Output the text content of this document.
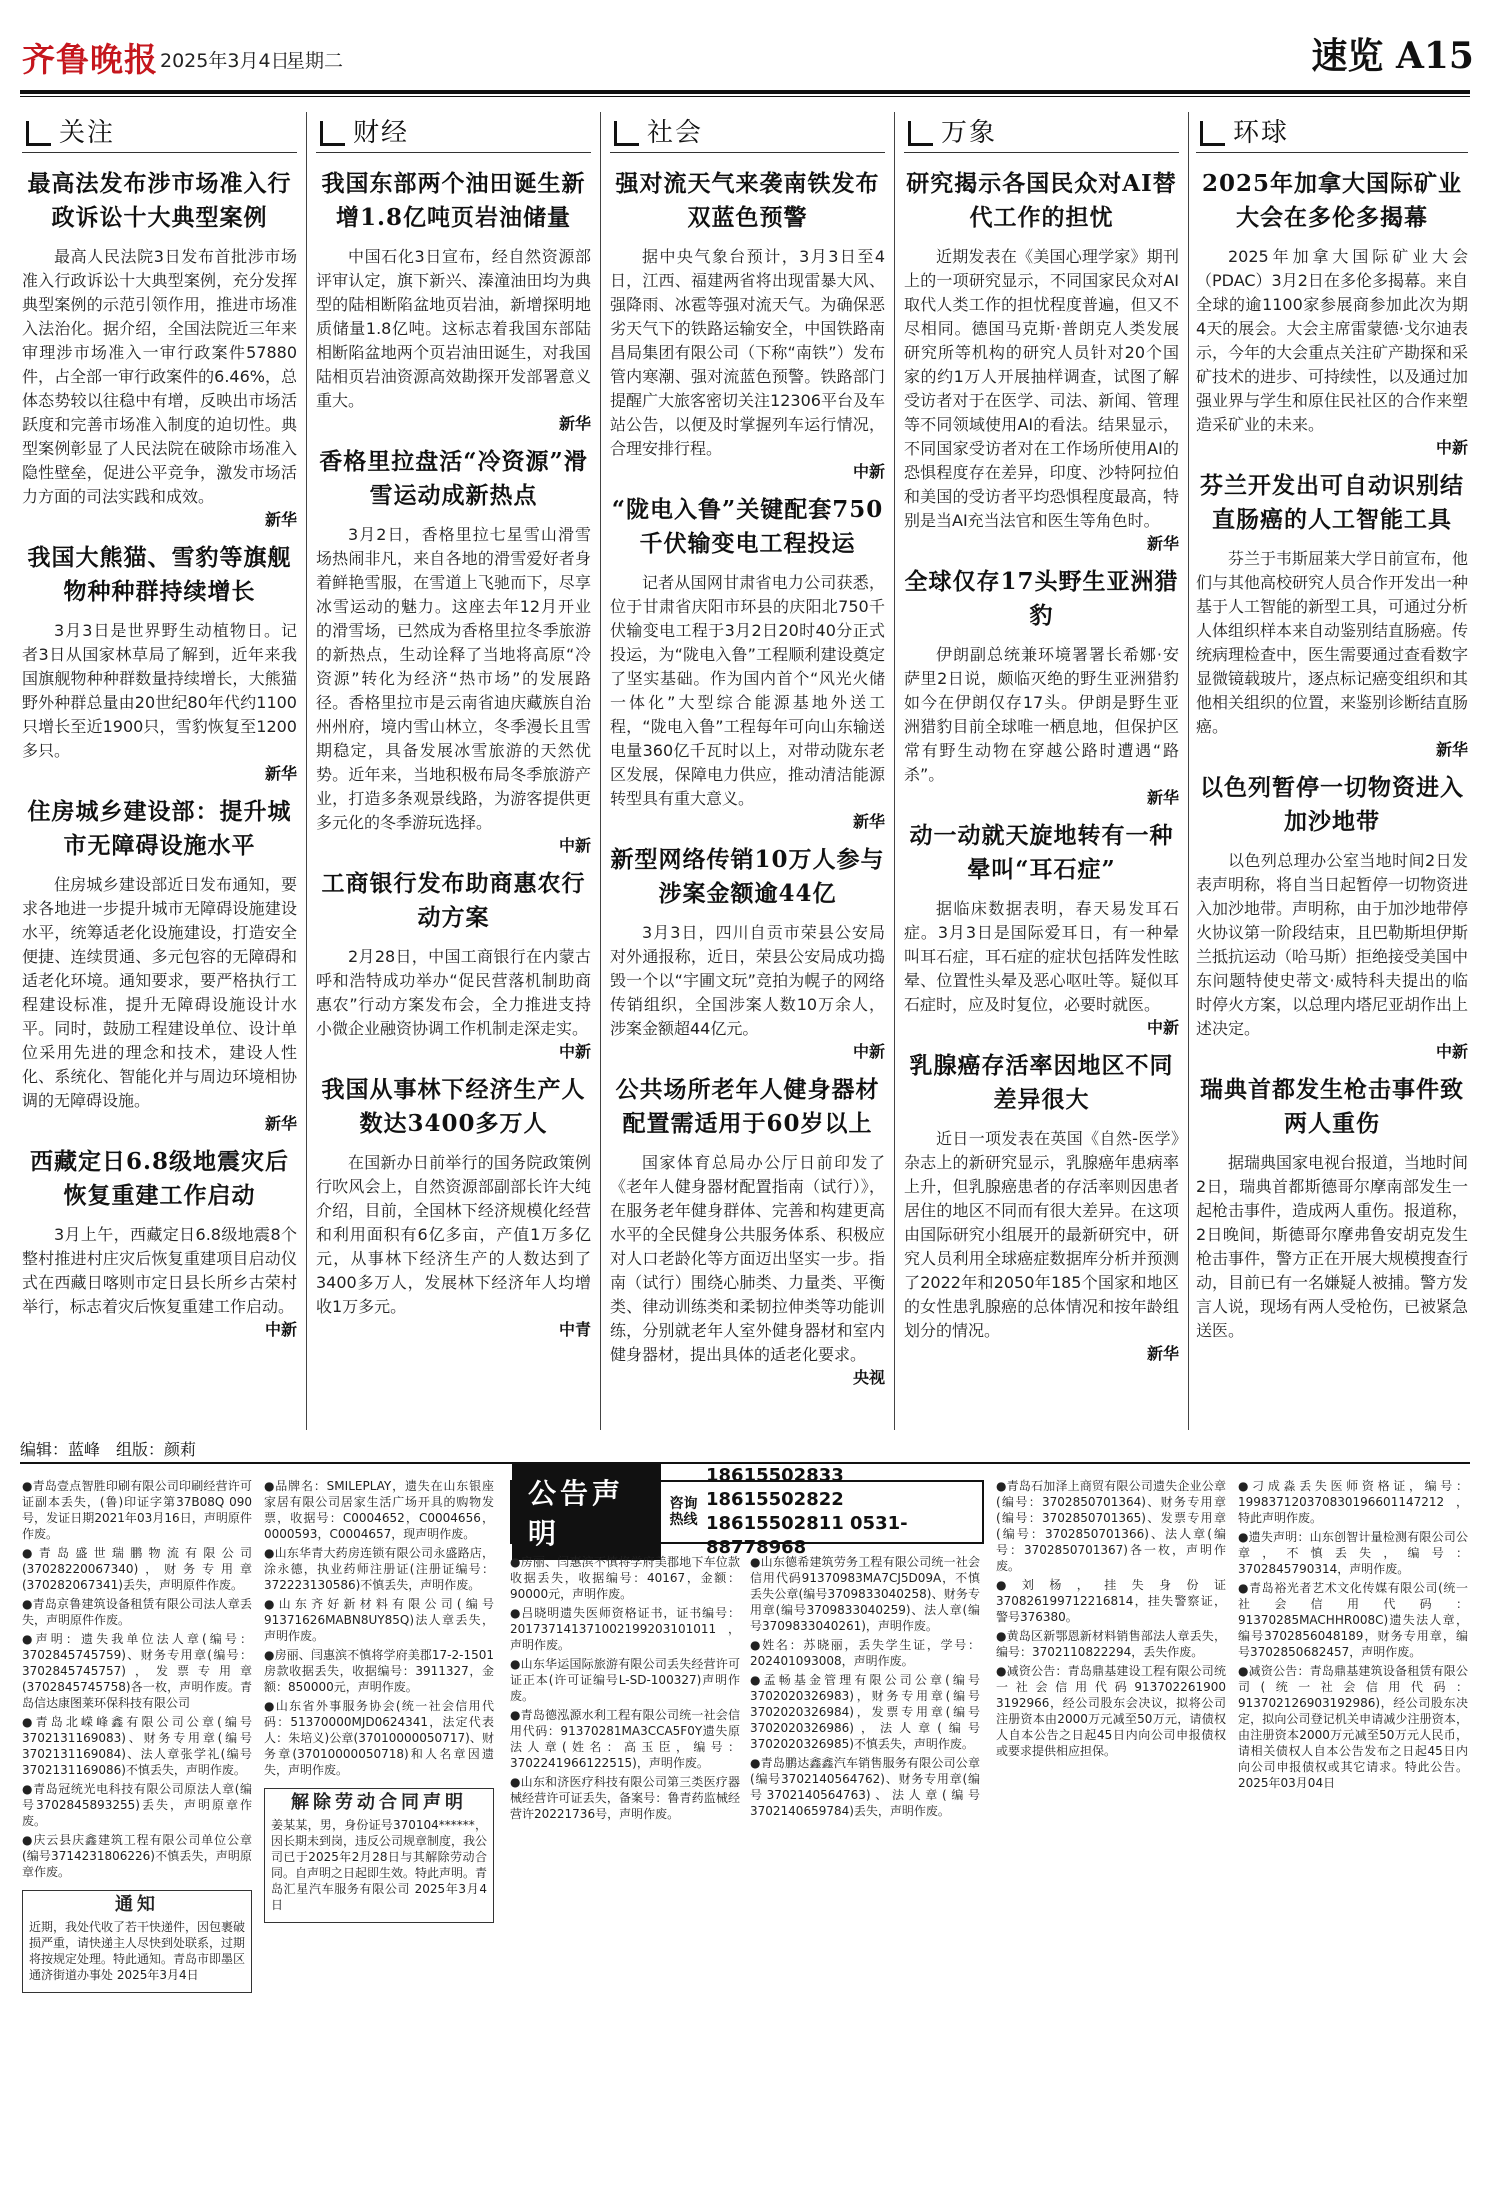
齐鲁晚报 2025年3月4日
星期二	速览 A15
关注
最高法发布涉市场准入行政诉讼十大典型案例

最高人民法院3日发布首批涉市场准入行政诉讼十大典型案例，充分发挥典型案例的示范引领作用，推进市场准入法治化。据介绍，全国法院近三年来审理涉市场准入一审行政案件57880件，占全部一审行政案件的6.46%，总体态势较以往稳中有增，反映出市场活跃度和完善市场准入制度的迫切性。典型案例彰显了人民法院在破除市场准入隐性壁垒，促进公平竞争，激发市场活力方面的司法实践和成效。

新华
我国大熊猫、雪豹等旗舰物种种群持续增长

3月3日是世界野生动植物日。记者3日从国家林草局了解到，近年来我国旗舰物种种群数量持续增长，大熊猫野外种群总量由20世纪80年代约1100只增长至近1900只，雪豹恢复至1200多只。

新华
住房城乡建设部：提升城市无障碍设施水平

住房城乡建设部近日发布通知，要求各地进一步提升城市无障碍设施建设水平，统筹适老化设施建设，打造安全便捷、连续贯通、多元包容的无障碍和适老化环境。通知要求，要严格执行工程建设标准，提升无障碍设施设计水平。同时，鼓励工程建设单位、设计单位采用先进的理念和技术，建设人性化、系统化、智能化并与周边环境相协调的无障碍设施。

新华
西藏定日6.8级地震灾后恢复重建工作启动

3月上午，西藏定日6.8级地震8个整村推进村庄灾后恢复重建项目启动仪式在西藏日喀则市定日县长所乡古荣村举行，标志着灾后恢复重建工作启动。

中新
财经
我国东部两个油田诞生新增1.8亿吨页岩油储量

中国石化3日宣布，经自然资源部评审认定，旗下新兴、溱潼油田均为典型的陆相断陷盆地页岩油，新增探明地质储量1.8亿吨。这标志着我国东部陆相断陷盆地两个页岩油田诞生，对我国陆相页岩油资源高效勘探开发部署意义重大。

新华
香格里拉盘活“冷资源”滑雪运动成新热点

3月2日，香格里拉七星雪山滑雪场热闹非凡，来自各地的滑雪爱好者身着鲜艳雪服，在雪道上飞驰而下，尽享冰雪运动的魅力。这座去年12月开业的滑雪场，已然成为香格里拉冬季旅游的新热点，生动诠释了当地将高原“冷资源”转化为经济“热市场”的发展路径。香格里拉市是云南省迪庆藏族自治州州府，境内雪山林立，冬季漫长且雪期稳定，具备发展冰雪旅游的天然优势。近年来，当地积极布局冬季旅游产业，打造多条观景线路，为游客提供更多元化的冬季游玩选择。

中新
工商银行发布助商惠农行动方案

2月28日，中国工商银行在内蒙古呼和浩特成功举办“促民营落机制助商惠农”行动方案发布会，全力推进支持小微企业融资协调工作机制走深走实。

中新
我国从事林下经济生产人数达3400多万人

在国新办日前举行的国务院政策例行吹风会上，自然资源部副部长许大纯介绍，目前，全国林下经济规模化经营和利用面积有6亿多亩，产值1万多亿元，从事林下经济生产的人数达到了3400多万人，发展林下经济年人均增收1万多元。

中青
社会
强对流天气来袭南铁发布双蓝色预警

据中央气象台预计，3月3日至4日，江西、福建两省将出现雷暴大风、强降雨、冰雹等强对流天气。为确保恶劣天气下的铁路运输安全，中国铁路南昌局集团有限公司（下称“南铁”）发布管内寒潮、强对流蓝色预警。铁路部门提醒广大旅客密切关注12306平台及车站公告，以便及时掌握列车运行情况，合理安排行程。

中新
“陇电入鲁”关键配套750千伏输变电工程投运

记者从国网甘肃省电力公司获悉，位于甘肃省庆阳市环县的庆阳北750千伏输变电工程于3月2日20时40分正式投运，为“陇电入鲁”工程顺利建设奠定了坚实基础。作为国内首个“风光火储一体化”大型综合能源基地外送工程，“陇电入鲁”工程每年可向山东输送电量360亿千瓦时以上，对带动陇东老区发展，保障电力供应，推动清洁能源转型具有重大意义。

新华
新型网络传销10万人参与涉案金额逾44亿

3月3日，四川自贡市荣县公安局对外通报称，近日，荣县公安局成功捣毁一个以“宇圃文玩”竞拍为幌子的网络传销组织，全国涉案人数10万余人，涉案金额超44亿元。

中新
公共场所老年人健身器材配置需适用于60岁以上

国家体育总局办公厅日前印发了《老年人健身器材配置指南（试行）》，在服务老年健身群体、完善和构建更高水平的全民健身公共服务体系、积极应对人口老龄化等方面迈出坚实一步。指南（试行）围绕心肺类、力量类、平衡类、律动训练类和柔韧拉伸类等功能训练，分别就老年人室外健身器材和室内健身器材，提出具体的适老化要求。

央视
万象
研究揭示各国民众对AI替代工作的担忧

近期发表在《美国心理学家》期刊上的一项研究显示，不同国家民众对AI取代人类工作的担忧程度普遍，但又不尽相同。德国马克斯·普朗克人类发展研究所等机构的研究人员针对20个国家的约1万人开展抽样调查，试图了解受访者对于在医学、司法、新闻、管理等不同领域使用AI的看法。结果显示，不同国家受访者对在工作场所使用AI的恐惧程度存在差异，印度、沙特阿拉伯和美国的受访者平均恐惧程度最高，特别是当AI充当法官和医生等角色时。

新华
全球仅存17头野生亚洲猎豹

伊朗副总统兼环境署署长希娜·安萨里2日说，颇临灭绝的野生亚洲猎豹如今在伊朗仅存17头。伊朗是野生亚洲猎豹目前全球唯一栖息地，但保护区常有野生动物在穿越公路时遭遇“路杀”。

新华
动一动就天旋地转有一种晕叫“耳石症”

据临床数据表明，春天易发耳石症。3月3日是国际爱耳日，有一种晕叫耳石症，耳石症的症状包括阵发性眩晕、位置性头晕及恶心呕吐等。疑似耳石症时，应及时复位，必要时就医。

中新
乳腺癌存活率因地区不同差异很大

近日一项发表在英国《自然-医学》杂志上的新研究显示，乳腺癌年患病率上升，但乳腺癌患者的存活率则因患者居住的地区不同而有很大差异。在这项由国际研究小组展开的最新研究中，研究人员利用全球癌症数据库分析并预测了2022年和2050年185个国家和地区的女性患乳腺癌的总体情况和按年龄组划分的情况。

新华
环球
2025年加拿大国际矿业大会在多伦多揭幕

2025年加拿大国际矿业大会（PDAC）3月2日在多伦多揭幕。来自全球的逾1100家参展商参加此次为期4天的展会。大会主席雷蒙德·戈尔迪表示，今年的大会重点关注矿产勘探和采矿技术的进步、可持续性，以及通过加强业界与学生和原住民社区的合作来塑造采矿业的未来。

中新
芬兰开发出可自动识别结直肠癌的人工智能工具

芬兰于韦斯屈莱大学日前宣布，他们与其他高校研究人员合作开发出一种基于人工智能的新型工具，可通过分析人体组织样本来自动鉴别结直肠癌。传统病理检查中，医生需要通过查看数字显微镜载玻片，逐点标记癌变组织和其他相关组织的位置，来鉴别诊断结直肠癌。

新华
以色列暂停一切物资进入加沙地带

以色列总理办公室当地时间2日发表声明称，将自当日起暂停一切物资进入加沙地带。声明称，由于加沙地带停火协议第一阶段结束，且巴勒斯坦伊斯兰抵抗运动（哈马斯）拒绝接受美国中东问题特使史蒂文·威特科夫提出的临时停火方案，以总理内塔尼亚胡作出上述决定。

中新
瑞典首都发生枪击事件致两人重伤

据瑞典国家电视台报道，当地时间2日，瑞典首都斯德哥尔摩南部发生一起枪击事件，造成两人重伤。报道称，2日晚间，斯德哥尔摩弗鲁安胡克发生枪击事件，警方正在开展大规模搜查行动，目前已有一名嫌疑人被捕。警方发言人说，现场有两人受枪伤，已被紧急送医。

编辑：蓝峰　组版：颜莉

●青岛壹点智胜印刷有限公司印刷经营许可证副本丢失，(鲁)印证字第37B08Q 090号，发证日期2021年03月16日，声明原件作废。

●青岛盛世瑞鹏物流有限公司(370282200673​40)，财务专用章(37028206​7341)丢失，声明原件作废。

●青岛京鲁建筑设备租赁有限公司法人章丢失，声明原件作废。

●声明：遗失我单位法人章(编号：3702845745759)、财务专用章(编号：3702845745757)，发票专用章(3702845745758)各一枚，声明作废。青岛信达康图莱环保科技有限公司

●青岛北嵘峰鑫有限公司公章(编号3702131169083)、财务专用章(编号3702131169084)、法人章张学礼(编号3702131169086)不慎丢失，声明作废。

●青岛冠统光电科技有限公司原法人章(编号3702845893255)丢失，声明原章作废。

●庆云县庆鑫建筑工程有限公司单位公章(编号3714231806226)不慎丢失，声明原章作废。

通知

近期，我处代收了若干快递件，因包裹破损严重，请快递主人尽快到处联系，过期将按规定处理。特此通知。青岛市即墨区通济街道办事处 2025年3月4日

●品牌名：SMILEPLAY，遗失在山东银座家居有限公司居家生活广场开具的购物发票，收据号：C0004652，C0004656，0000593，C0004657，现声明作废。

●山东华青大药房连锁有限公司永盛路店，涂永德，执业药师注册证(注册证编号：3722231305​86)不慎丢失，声明作废。

●山东齐好新材料有限公司(编号91371626MA​BN8UY85Q)法人章丢失，声明作废。

●房丽、闫惠滨不慎将学府美郡17-2-1501房款收据丢失，收据编号：3911327，金额：850000元，声明作废。

●山东省外事服务协会(统一社会信用代码：51370000MJD0624341，法定代表人：朱培义)公章(37010000050717)、财务章(37010000050718)和人名章因遗失，声明作废。

解除劳动合同声明

姜某某，男，身份证号370104******，因长期未到岗，违反公司规章制度，我公司已于2025年2月28日与其解除劳动合同。自声明之日起即生效。特此声明。青岛汇星汽车服务有限公司 2025年3月4日

公告声明
咨询热线
18615502833 18615502822
18615502811 0531-88778968

●房丽、闫惠滨不慎将学府美郡地下车位款收据丢失，收据编号：40167，金额：90000元，声明作废。

●吕晓明遗失医师资格证书，证书编号：201737141371002199203101011，声明作废。

●山东华运国际旅游有限公司丢失经营许可证正本(许可证编号L-SD-100327)声明作废。

●青岛德泓源水利工程有限公司统一社会信用代码：91370281MA3CCA5F0Y遗失原法人章(姓名：高玉臣，编号：3702241966122515)，声明作废。

●山东和济医疗科技有限公司第三类医疗器械经营许可证丢失，备案号：鲁青药监械经营许20221736号，声明作废。

●山东德希建筑劳务工程有限公司统一社会信用代码91370983MA7CJ5D09A，不慎丢失公章(编号3709833040258)、财务专用章(编号3709833040259)、法人章(编号3709833040261)，声明作废。

●姓名：苏晓丽，丢失学生证，学号：202401093008，声明作废。

●孟畅基金管理有限公司公章(编号3702020326983)，财务专用章(编号3702020326984)，发票专用章(编号3702020326986)，法人章(编号3702020326985)不慎丢失，声明作废。

●青岛鹏达鑫鑫汽车销售服务有限公司公章(编号3702140564762)、财务专用章(编号3702140564763)、法人章(编号3702140659784)丢失，声明作废。

●青岛石加泽上商贸有限公司遗失企业公章(编号：3702850701364)、财务专用章(编号：3702850701365)、发票专用章(编号：3702850701366)、法人章(编号：3702850701367)各一枚，声明作废。

●刘杨，挂失身份证370826199712216814，挂失警察证，警号376380。

●黄岛区新鄂恩新材料销售部法人章丢失，编号：3702110822294，丢失作废。

●减资公告：青岛鼎基建设工程有限公司统一社会信用代码913702261900​3192966，经公司股东会决议，拟将公司注册资本由2000万元减至50万元，请债权人自本公告之日起45日内向公司申报债权或要求提供相应担保。

●刁成淼丢失医师资格证，编号：199837120370830196601147212，特此声明作废。

●遗失声明：山东创智计量检测有限公司公章，不慎丢失，编号：3702845790314，声明作废。

●青岛裕光者艺术文化传媒有限公司(统一社会信用代码：91370285MACHHR008C)遗失法人章，编号3702856048189，财务专用章，编号3702850682457，声明作废。

●减资公告：青岛鼎基建筑设备租赁有限公司(统一社会信用代码：913702126903192986)，经公司股东决定，拟向公司登记机关申请减少注册资本，由注册资本2000万元减至50万元人民币，请相关债权人自本公告发布之日起45日内向公司申报债权或其它请求。特此公告。 2025年03月04日
